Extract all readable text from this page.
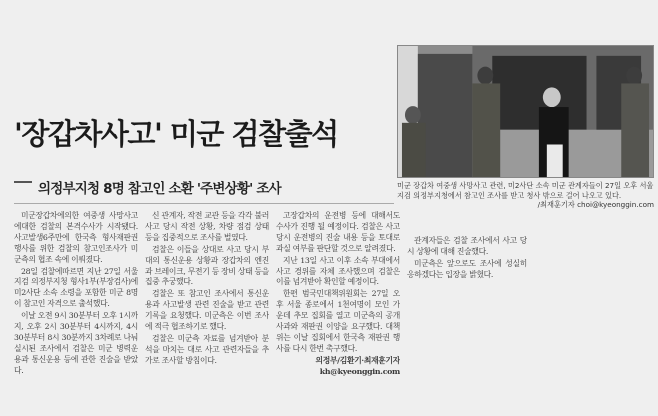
미군 장갑차 여중생 사망사고 관련, 미2사단 소속 미군 관계자들이 27일 오후 서울지검 의정부지청에서 참고인 조사를 받고 청사 밖으로 걸어 나오고 있다.
/최재훈기자 choi@kyeonggin.com
'장갑차사고' 미군 검찰출석
의정부지청 8명 참고인 소환 '주변상황' 조사

미군장갑차에의한 여중생 사망사고에대한 검찰의 본격수사가 시작됐다. 사고발생6주만에 한국측 형사재판권 행사를 위한 검찰의 참고인조사가 미군측의 협조 속에 이뤄졌다.

28일 검찰에따르면 지난 27일 서울지검 의정부지청 형사1부(부장검사)에 미2사단 소속 소령을 포함한 미군 8명이 참고인 자격으로 출석했다.

이날 오전 9시 30분부터 오후 1시까지, 오후 2시 30분부터 4시까지, 4시 30분부터 8시 30분까지 3차례로 나눠 실시된 조사에서 검찰은 미군 병력운용과 통신운용 등에 관한 진술을 받았다.

신 관계자, 작전 교관 등을 각각 불러 사고 당시 작전 상황, 차량 점검 상태 등을 집중적으로 조사를 벌였다.

검찰은 이들을 상대로 사고 당시 부대의 통신운용 상황과 장갑차의 엔진과 브레이크, 무전기 등 장비 상태 등을 집중 추궁했다.

검찰은 또 참고인 조사에서 통신운용과 사고발생 관련 진술을 받고 관련 기록을 요청했다. 미군측은 이번 조사에 적극 협조하기로 했다.

검찰은 미군측 자료를 넘겨받아 분석을 마치는 대로 사고 관련자들을 추가로 조사할 방침이다.

고장갑차의 운전병 등에 대해서도 수사가 진행 될 예정이다. 검찰은 사고 당시 운전병의 진술 내용 등을 토대로 과실 여부를 판단할 것으로 알려졌다.

지난 13일 사고 이후 소속 부대에서 사고 경위를 자체 조사했으며 검찰은 이를 넘겨받아 확인할 예정이다.

한편 범국민대책위원회는 27일 오후 서울 종로에서 1천여명이 모인 가운데 추모 집회를 열고 미군측의 공개 사과와 재판권 이양을 요구했다. 대책위는 이날 집회에서 한국측 재판권 행사를 다시 한번 촉구했다.

의정부/김환기·최재훈기자 kh@kyeonggin.com

관계자들은 검찰 조사에서 사고 당시 상황에 대해 진술했다.

미군측은 앞으로도 조사에 성실히 응하겠다는 입장을 밝혔다.
